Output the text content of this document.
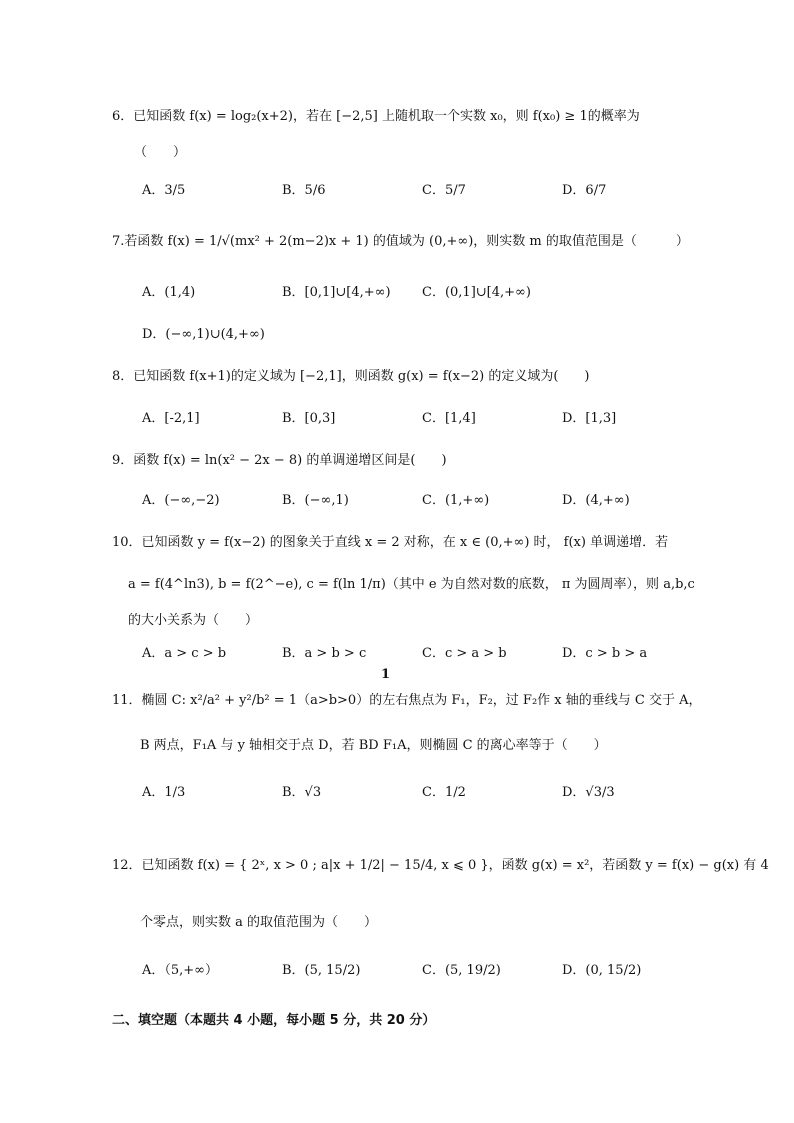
6．已知函数 f(x) = log₂(x+2)，若在 [−2,5] 上随机取一个实数 x₀，则 f(x₀) ≥ 1的概率为
（　　）
A．3/5	B．5/6	C．5/7	D．6/7
7.若函数 f(x) = 1/√(mx² + 2(m−2)x + 1) 的值域为 (0,+∞)，则实数 m 的取值范围是（　　　）
A．(1,4)	B．[0,1]∪[4,+∞) C．(0,1]∪[4,+∞)
D．(−∞,1)∪(4,+∞)
8．已知函数 f(x+1)的定义域为 [−2,1]，则函数 g(x) = f(x−2) 的定义域为(　　)
A．[-2,1]	B．[0,3]	C．[1,4]	D．[1,3]
9．函数 f(x) = ln(x² − 2x − 8) 的单调递增区间是(　　)
A．(−∞,−2)	B．(−∞,1)	C．(1,+∞)	D．(4,+∞)
10．已知函数 y = f(x−2) 的图象关于直线 x = 2 对称，在 x ∈ (0,+∞) 时， f(x) 单调递增．若
a = f(4^ln3), b = f(2^−e), c = f(ln 1/π)（其中 e 为自然对数的底数， π 为圆周率），则 a,b,c
的大小关系为（　　）
A．a > c > b	B．a > b > c	C．c > a > b	D．c > b > a
1
11．椭圆 C: x²/a² + y²/b² = 1（a>b>0）的左右焦点为 F₁，F₂，过 F₂作 x 轴的垂线与 C 交于 A，
B 两点，F₁A 与 y 轴相交于点 D，若 BD F₁A，则椭圆 C 的离心率等于（　　）
A．1/3	B．√3	C．1/2	D．√3/3
12．已知函数 f(x) = { 2ˣ, x > 0 ; a|x + 1/2| − 15/4, x ⩽ 0 }，函数 g(x) = x²，若函数 y = f(x) − g(x) 有 4
个零点，则实数 a 的取值范围为（　　）
A．（5,+∞）	B．(5, 15/2)	C．(5, 19/2)	D．(0, 15/2)
二、填空题（本题共 4 小题，每小题 5 分，共 20 分）
